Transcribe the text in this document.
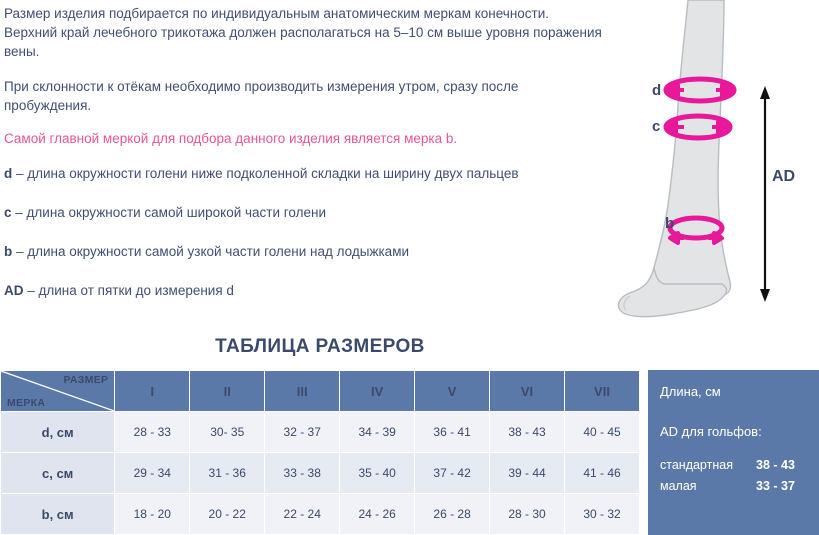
Размер изделия подбирается по индивидуальным анатомическим меркам конечности. Верхний край лечебного трикотажа должен располагаться на 5–10 см выше уровня поражения вены.

При склонности к отёкам необходимо производить измерения утром, сразу после пробуждения.

Самой главной меркой для подбора данного изделия является мерка b.

d – длина окружности голени ниже подколенной складки на ширину двух пальцев

c – длина окружности самой широкой части голени

b – длина окружности самой узкой части голени над лодыжками

AD – длина от пятки до измерения d

d
c
b
AD
ТАБЛИЦА РАЗМЕРОВ
РАЗМЕР
МЕРКА	I	II	III	IV	V	VI	VII
d, см	28 - 33	30- 35	32 - 37	34 - 39	36 - 41	38 - 43	40 - 45
c, см	29 - 34	31 - 36	33 - 38	35 - 40	37 - 42	39 - 44	41 - 46
b, см	18 - 20	20 - 22	22 - 24	24 - 26	26 - 28	28 - 30	30 - 32
Длина, см
AD для гольфов:
стандартная 38 - 43
малая	33 - 37
